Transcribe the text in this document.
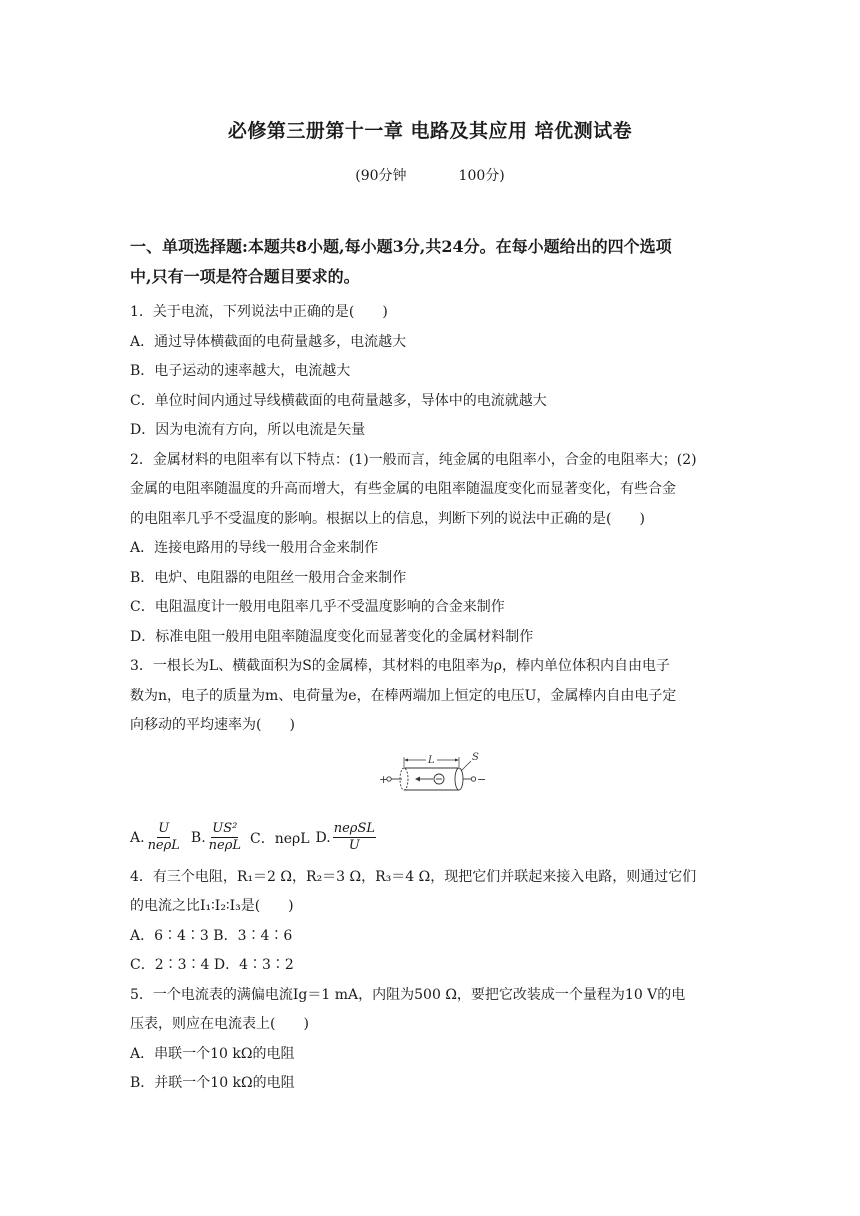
必修第三册第十一章 电路及其应用 培优测试卷
(90分钟	100分)
一、单项选择题:本题共8小题,每小题3分,共24分。在每小题给出的四个选项
中,只有一项是符合题目要求的。
1．关于电流，下列说法中正确的是(　　)
A．通过导体横截面的电荷量越多，电流越大
B．电子运动的速率越大，电流越大
C．单位时间内通过导线横截面的电荷量越多，导体中的电流就越大
D．因为电流有方向，所以电流是矢量
2．金属材料的电阻率有以下特点：(1)一般而言，纯金属的电阻率小，合金的电阻率大；(2)
金属的电阻率随温度的升高而增大，有些金属的电阻率随温度变化而显著变化，有些合金
的电阻率几乎不受温度的影响。根据以上的信息，判断下列的说法中正确的是(　　)
A．连接电路用的导线一般用合金来制作
B．电炉、电阻器的电阻丝一般用合金来制作
C．电阻温度计一般用电阻率几乎不受温度影响的合金来制作
D．标准电阻一般用电阻率随温度变化而显著变化的金属材料制作
3．一根长为L、横截面积为S的金属棒，其材料的电阻率为ρ，棒内单位体积内自由电子
数为n，电子的质量为m、电荷量为e，在棒两端加上恒定的电压U，金属棒内自由电子定
向移动的平均速率为(　　)
+
L	S
−
A. $\frac{U}{\text{neρL}} B$. $\frac{\text{US²}}{\text{neρL}}$ C．neρL D. $\frac{\text{neρSL}}{U}$
4．有三个电阻，R₁＝2 Ω，R₂＝3 Ω，R₃＝4 Ω，现把它们并联起来接入电路，则通过它们
的电流之比I₁∶I₂∶I₃是(　　)
A．6∶4∶3 B．3∶4∶6
C．2∶3∶4 D．4∶3∶2
5．一个电流表的满偏电流Ig＝1 mA，内阻为500 Ω，要把它改装成一个量程为10 V的电
压表，则应在电流表上(　　)
A．串联一个10 kΩ的电阻
B．并联一个10 kΩ的电阻
